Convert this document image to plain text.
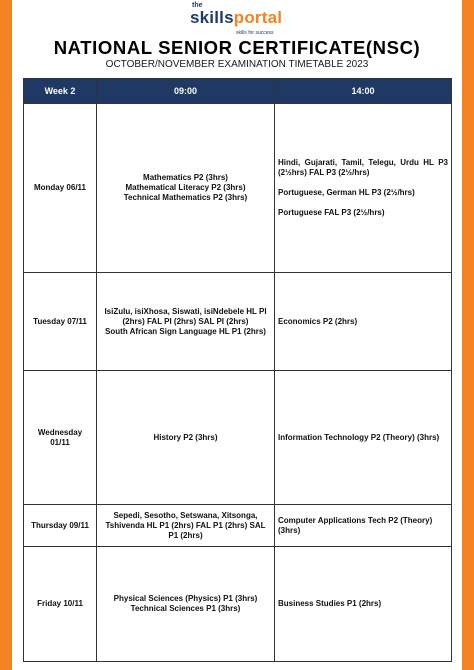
the
skillsportal
skills for success
NATIONAL SENIOR CERTIFICATE(NSC)
OCTOBER/NOVEMBER EXAMINATION TIMETABLE 2023
Week 2	09:00	14:00
Monday 06/11	Mathematics P2 (3hrs)
Mathematical Literacy P2 (3hrs)
Technical Mathematics P2 (3hrs)	Hindi, Gujarati, Tamil, Telegu, Urdu HL P3 (2½hrs) FAL P3 (2½/hrs)
Portuguese, German HL P3 (2½/hrs)
Portuguese FAL P3 (2½/hrs)

Tuesday 07/11	IsiZulu, isiXhosa, Siswati, isiNdebele HL PI (2hrs) FAL PI (2hrs) SAL PI (2hrs)
South African Sign Language HL P1 (2hrs)	Economics P2 (2hrs)

Wednesday 01/11	History P2 (3hrs)	Information Technology P2 (Theory) (3hrs)

Thursday 09/11	Sepedi, Sesotho, Setswana, Xitsonga, Tshivenda HL P1 (2hrs) FAL P1 (2hrs) SAL P1 (2hrs)	Computer Applications Tech P2 (Theory) (3hrs)

Friday 10/11	Physical Sciences (Physics) P1 (3hrs)
Technical Sciences P1 (3hrs)	Business Studies P1 (2hrs)
